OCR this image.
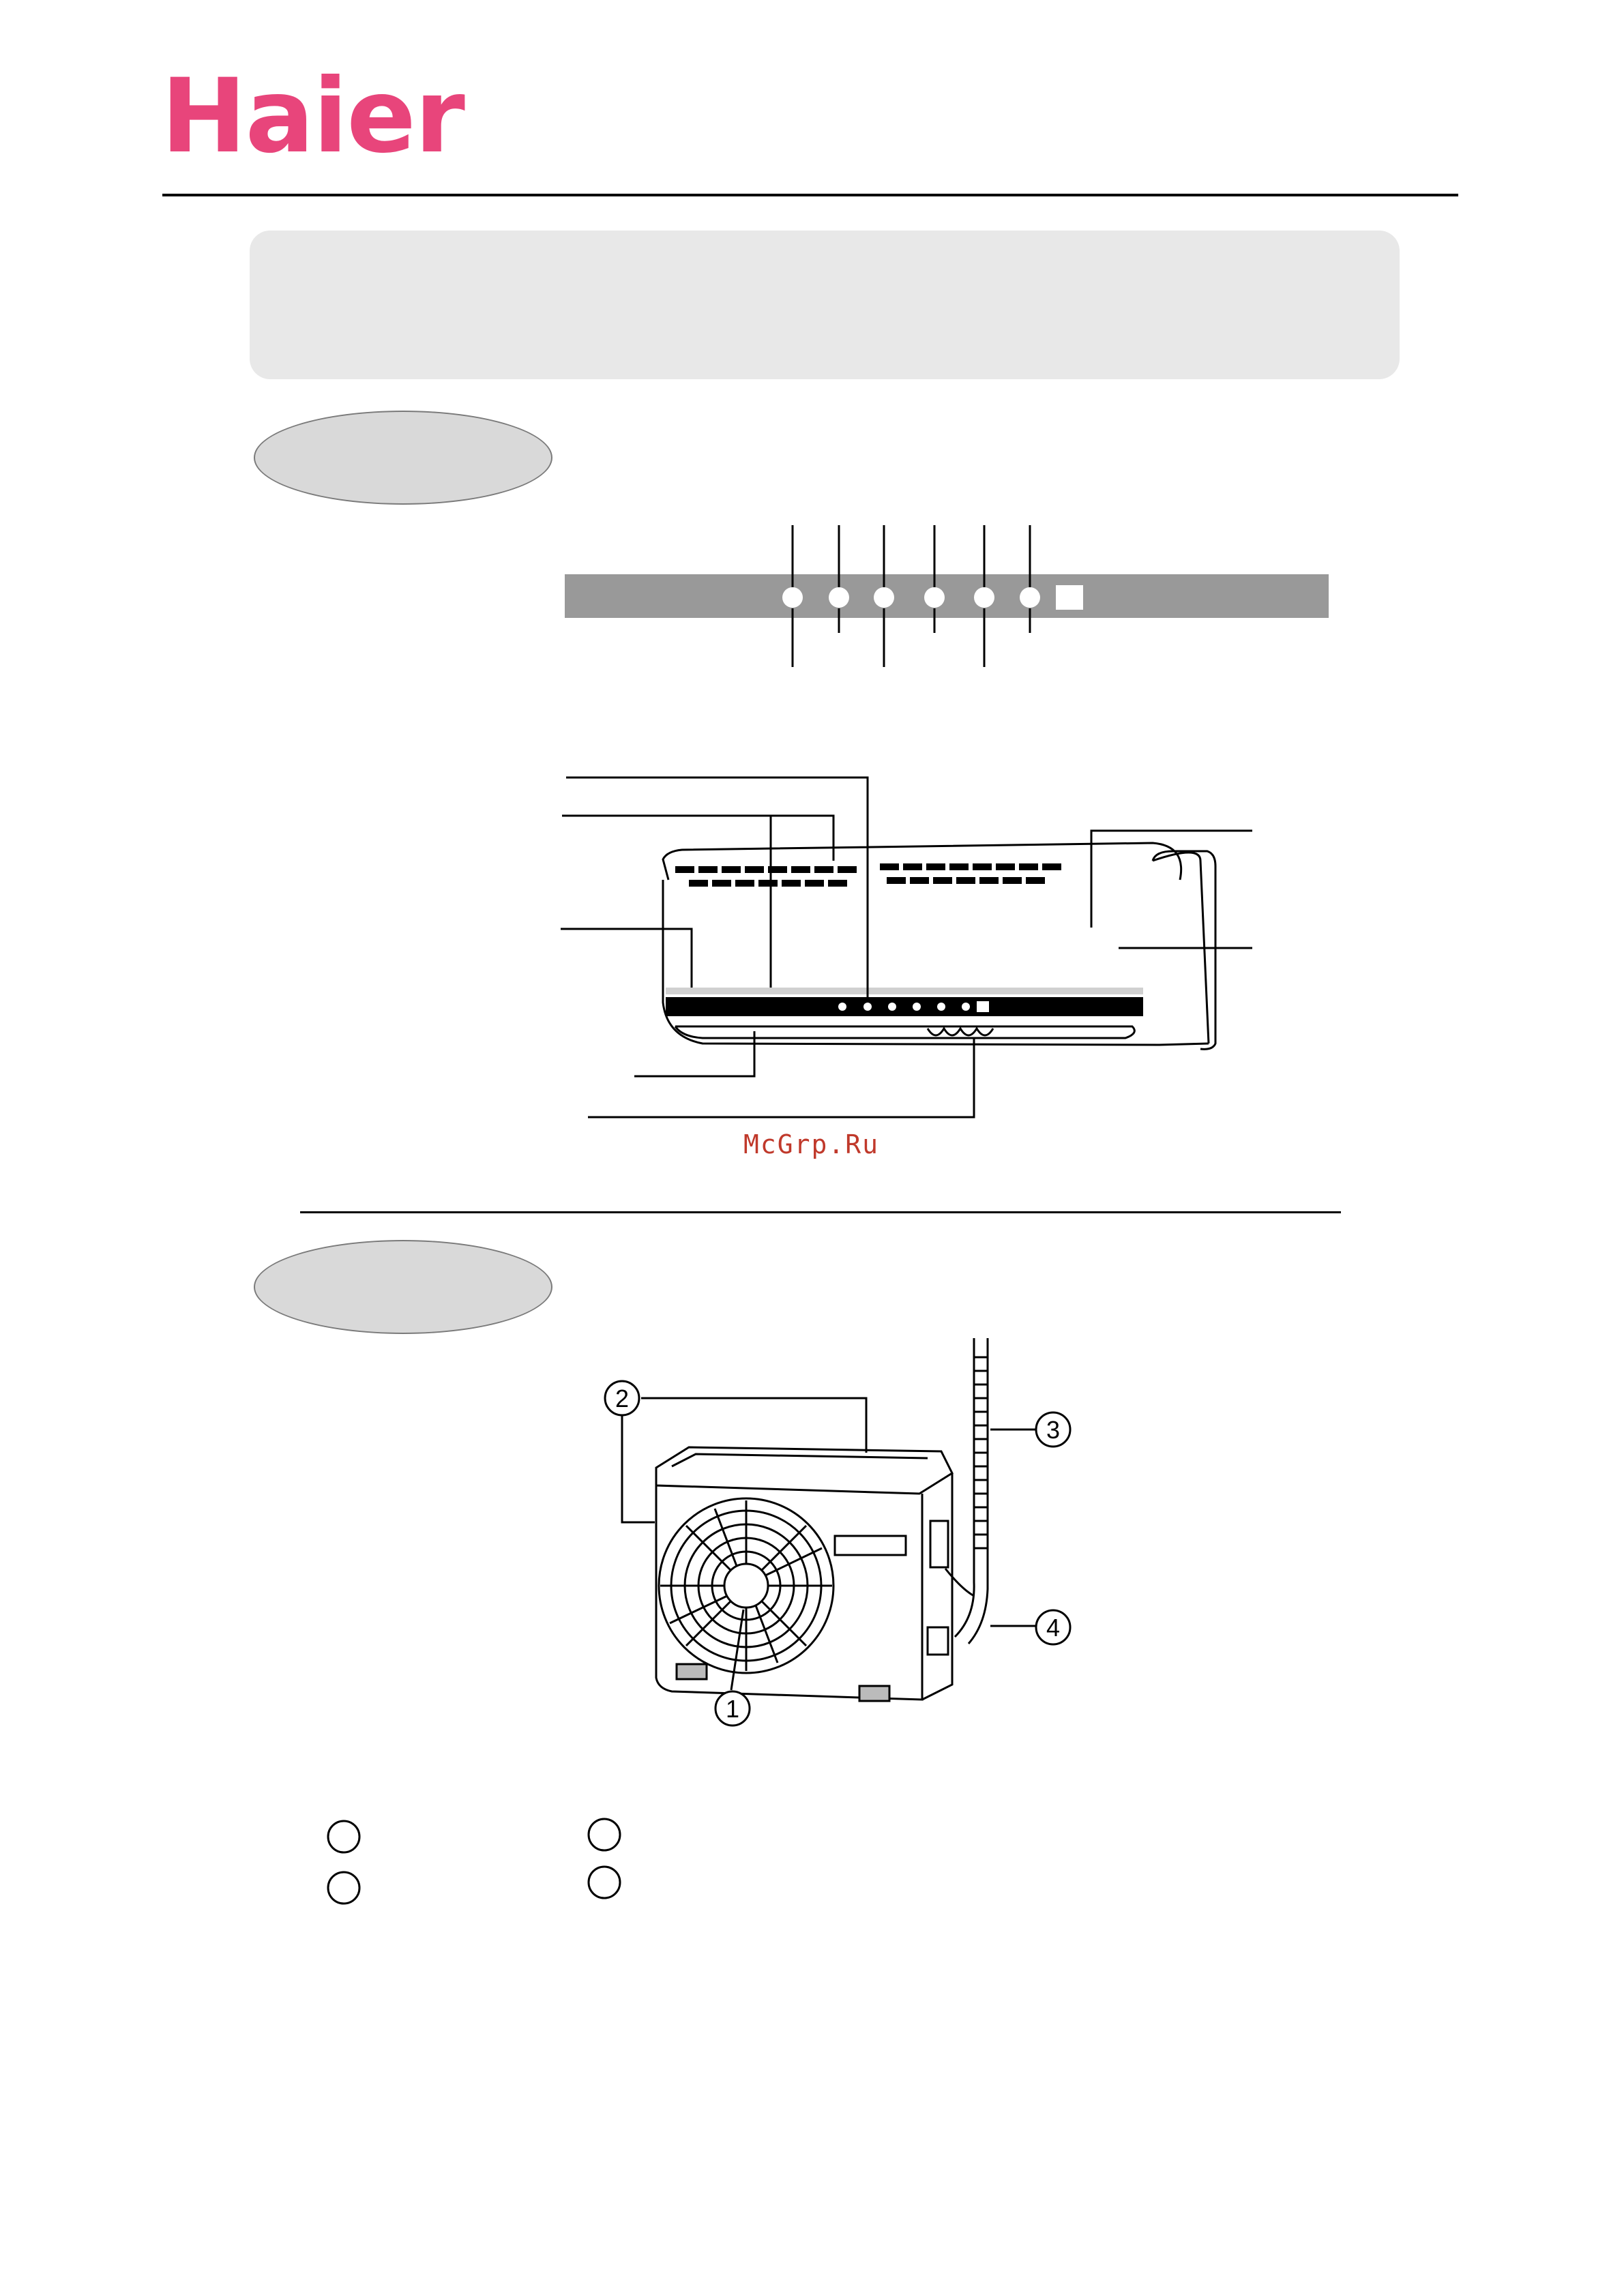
Haier
McGrp.Ru
1
2
3
4
